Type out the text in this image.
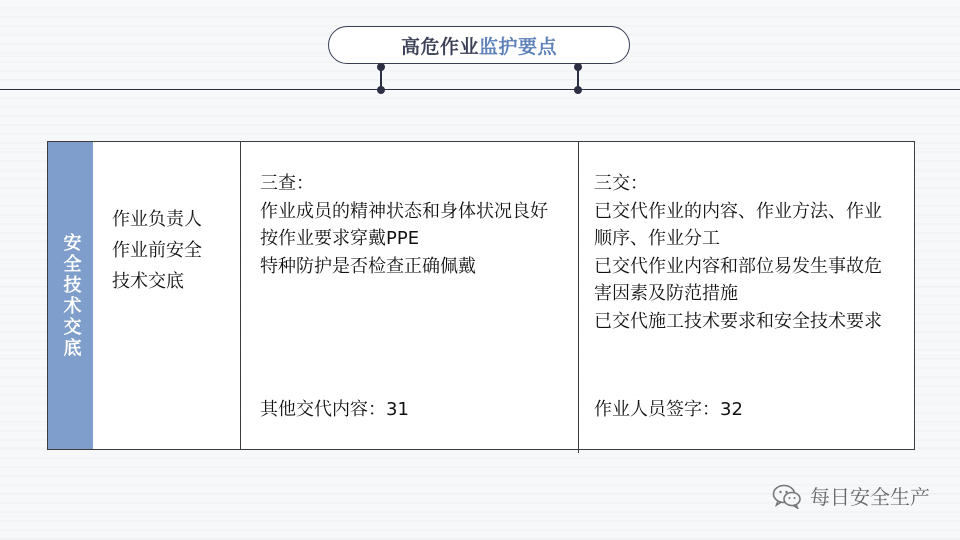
高危作业 监护要点
安全技术交底
作业负责人
作业前安全
技术交底
三查：
作业成员的精神状态和身体状况良好
按作业要求穿戴PPE
特种防护是否检查正确佩戴
其他交代内容：31
三交：
已交代作业的内容、作业方法、作业
顺序、作业分工
已交代作业内容和部位易发生事故危
害因素及防范措施
已交代施工技术要求和安全技术要求
作业人员签字：32
每日安全生产
